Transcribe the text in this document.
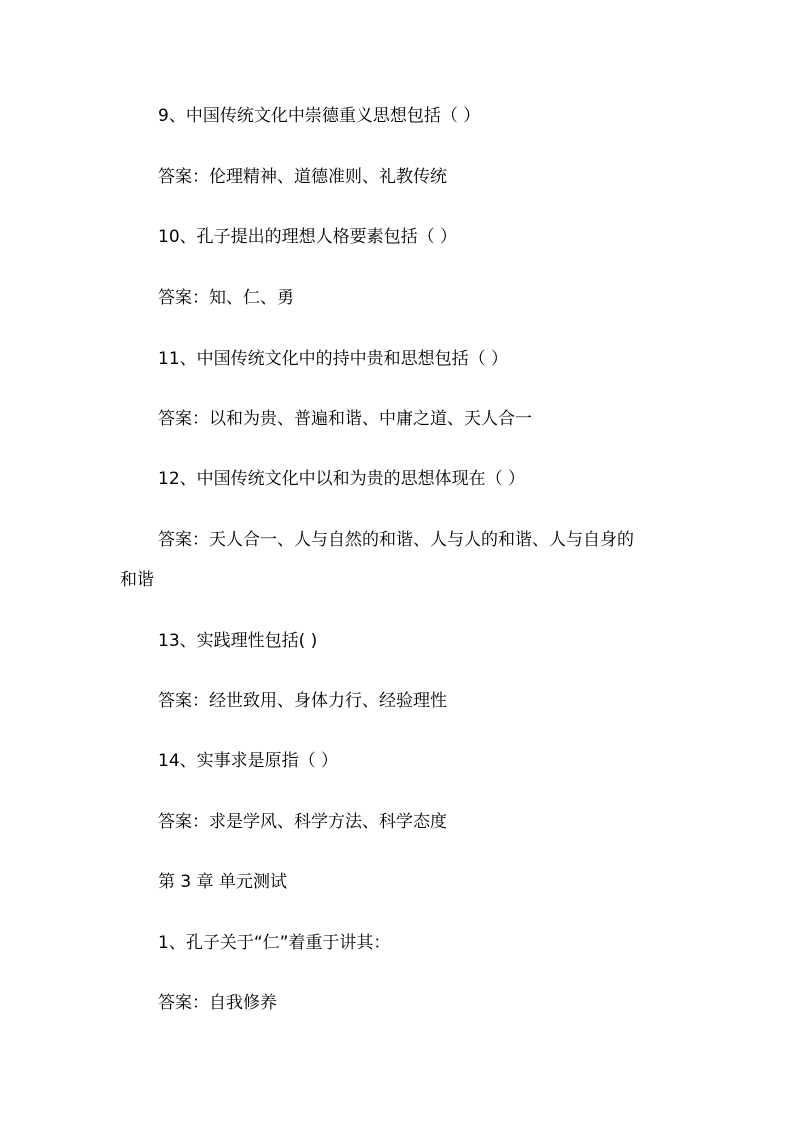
9、中国传统文化中崇德重义思想包括（ ）
答案：伦理精神、道德准则、礼教传统
10、孔子提出的理想人格要素包括（ ）
答案：知、仁、勇
11、中国传统文化中的持中贵和思想包括（ ）
答案：以和为贵、普遍和谐、中庸之道、天人合一
12、中国传统文化中以和为贵的思想体现在（ ）
答案：天人合一、人与自然的和谐、人与人的和谐、人与自身的
和谐
13、实践理性包括( )
答案：经世致用、身体力行、经验理性
14、实事求是原指（ ）
答案：求是学风、科学方法、科学态度
第 3 章 单元测试
1、孔子关于“仁”着重于讲其：
答案：自我修养
